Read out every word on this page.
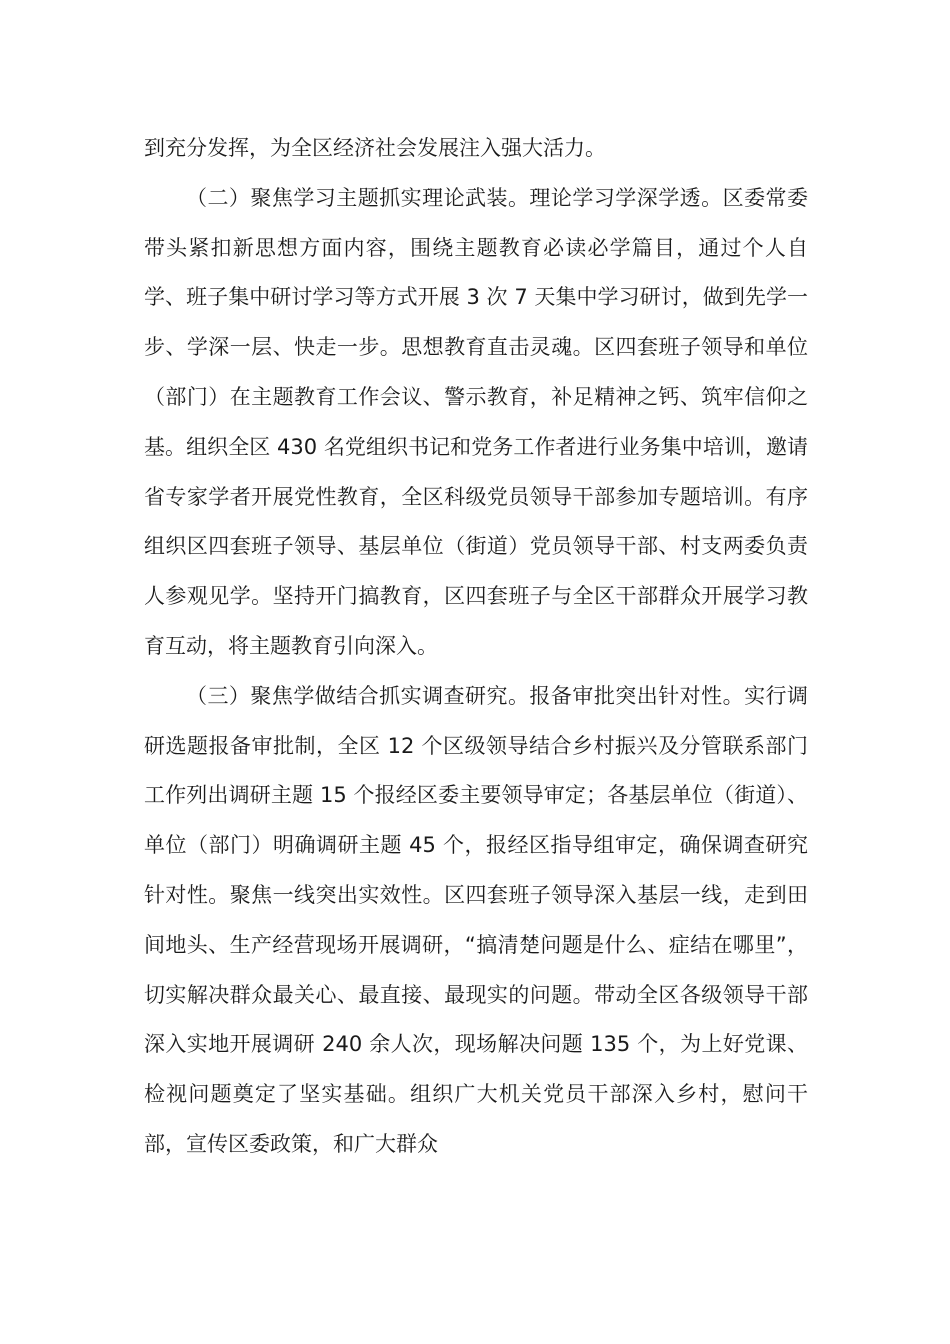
到充分发挥，为全区经济社会发展注入强大活力。

（二）聚焦学习主题抓实理论武装。理论学习学深学透。区委常委带头紧扣新思想方面内容，围绕主题教育必读必学篇目，通过个人自学、班子集中研讨学习等方式开展 3 次 7 天集中学习研讨，做到先学一步、学深一层、快走一步。思想教育直击灵魂。区四套班子领导和单位（部门）在主题教育工作会议、警示教育，补足精神之钙、筑牢信仰之基。组织全区 430 名党组织书记和党务工作者进行业务集中培训，邀请省专家学者开展党性教育，全区科级党员领导干部参加专题培训。有序组织区四套班子领导、基层单位（街道）党员领导干部、村支两委负责人参观见学。坚持开门搞教育，区四套班子与全区干部群众开展学习教育互动，将主题教育引向深入。

（三）聚焦学做结合抓实调查研究。报备审批突出针对性。实行调研选题报备审批制，全区 12 个区级领导结合乡村振兴及分管联系部门工作列出调研主题 15 个报经区委主要领导审定；各基层单位（街道）、单位（部门）明确调研主题 45 个，报经区指导组审定，确保调查研究针对性。聚焦一线突出实效性。区四套班子领导深入基层一线，走到田间地头、生产经营现场开展调研，“搞清楚问题是什么、症结在哪里”，切实解决群众最关心、最直接、最现实的问题。带动全区各级领导干部深入实地开展调研 240 余人次，现场解决问题 135 个，为上好党课、检视问题奠定了坚实基础。组织广大机关党员干部深入乡村，慰问干部，宣传区委政策，和广大群众
